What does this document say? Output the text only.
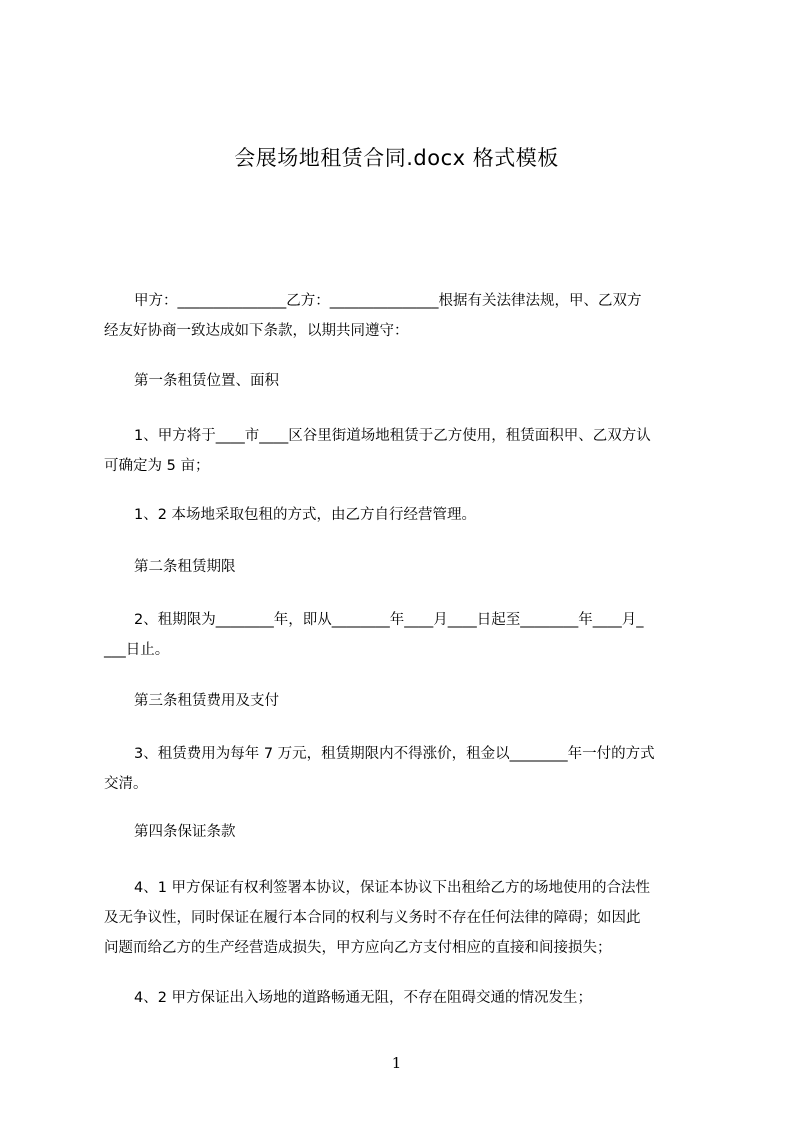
会展场地租赁合同.docx 格式模板
甲方：_______________乙方：_______________根据有关法律法规，甲、乙双方
经友好协商一致达成如下条款，以期共同遵守：
第一条租赁位置、面积
1、甲方将于____市____区谷里街道场地租赁于乙方使用，租赁面积甲、乙双方认
可确定为 5 亩；
1、2 本场地采取包租的方式，由乙方自行经营管理。
第二条租赁期限
2、租期限为________年，即从________年____月____日起至________年____月_
___日止。
第三条租赁费用及支付
3、租赁费用为每年 7 万元，租赁期限内不得涨价，租金以________年一付的方式
交清。
第四条保证条款
4、1 甲方保证有权利签署本协议，保证本协议下出租给乙方的场地使用的合法性
及无争议性，同时保证在履行本合同的权利与义务时不存在任何法律的障碍；如因此
问题而给乙方的生产经营造成损失，甲方应向乙方支付相应的直接和间接损失；
4、2 甲方保证出入场地的道路畅通无阻，不存在阻碍交通的情况发生；
1
